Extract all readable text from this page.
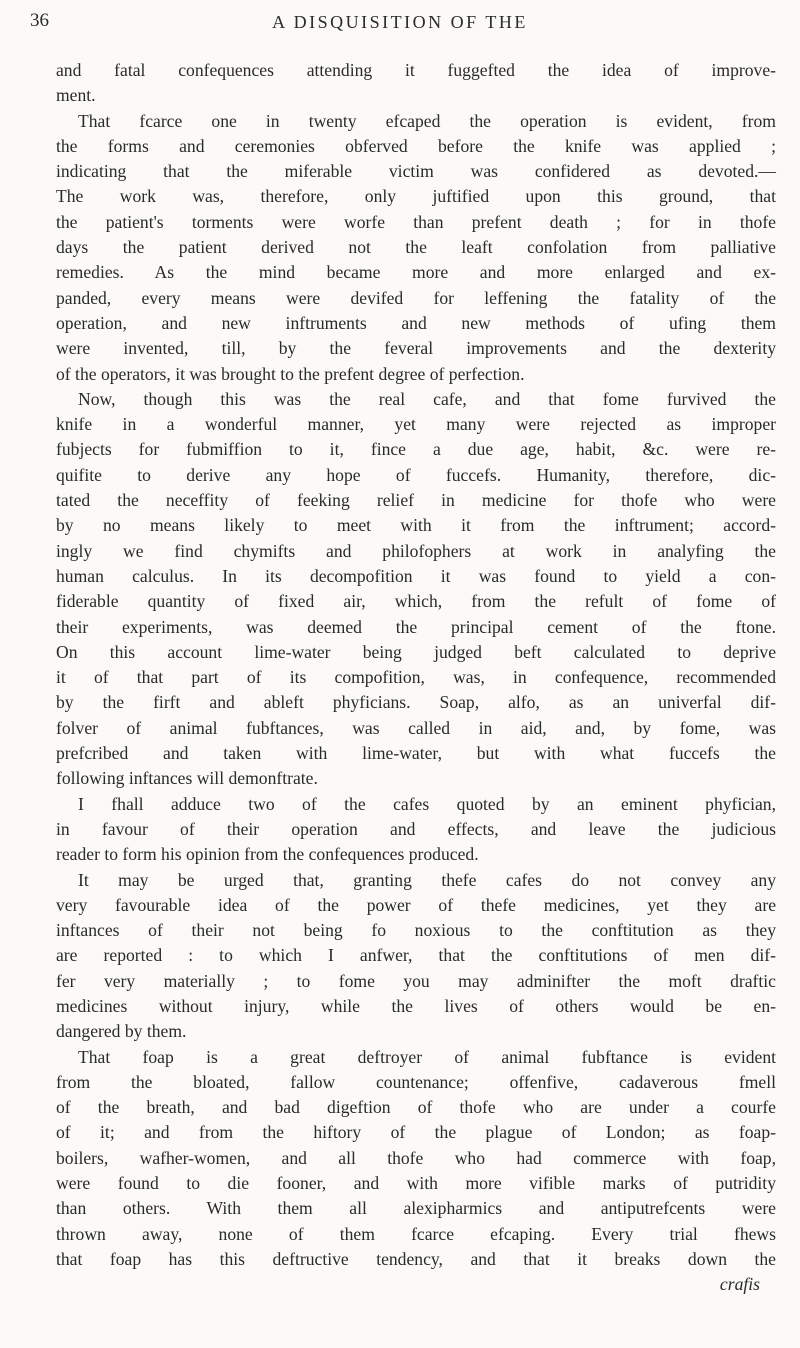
36	A DISQUISITION OF THE
and fatal confequences attending it fuggefted the idea of improve-
ment.
That fcarce one in twenty efcaped the operation is evident, from
the forms and ceremonies obferved before the knife was applied ;
indicating that the miferable victim was confidered as devoted.—
The work was, therefore, only juftified upon this ground, that
the patient's torments were worfe than prefent death ; for in thofe
days the patient derived not the leaft confolation from palliative
remedies. As the mind became more and more enlarged and ex-
panded, every means were devifed for leffening the fatality of the
operation, and new inftruments and new methods of ufing them
were invented, till, by the feveral improvements and the dexterity
of the operators, it was brought to the prefent degree of perfection.
Now, though this was the real cafe, and that fome furvived the
knife in a wonderful manner, yet many were rejected as improper
fubjects for fubmiffion to it, fince a due age, habit, &c. were re-
quifite to derive any hope of fuccefs. Humanity, therefore, dic-
tated the neceffity of feeking relief in medicine for thofe who were
by no means likely to meet with it from the inftrument; accord-
ingly we find chymifts and philofophers at work in analyfing the
human calculus. In its decompofition it was found to yield a con-
fiderable quantity of fixed air, which, from the refult of fome of
their experiments, was deemed the principal cement of the ftone.
On this account lime-water being judged beft calculated to deprive
it of that part of its compofition, was, in confequence, recommended
by the firft and ableft phyficians. Soap, alfo, as an univerfal dif-
folver of animal fubftances, was called in aid, and, by fome, was
prefcribed and taken with lime-water, but with what fuccefs the
following inftances will demonftrate.
I fhall adduce two of the cafes quoted by an eminent phyfician,
in favour of their operation and effects, and leave the judicious
reader to form his opinion from the confequences produced.
It may be urged that, granting thefe cafes do not convey any
very favourable idea of the power of thefe medicines, yet they are
inftances of their not being fo noxious to the conftitution as they
are reported : to which I anfwer, that the conftitutions of men dif-
fer very materially ; to fome you may adminifter the moft draftic
medicines without injury, while the lives of others would be en-
dangered by them.
That foap is a great deftroyer of animal fubftance is evident
from the bloated, fallow countenance; offenfive, cadaverous fmell
of the breath, and bad digeftion of thofe who are under a courfe
of it; and from the hiftory of the plague of London; as foap-
boilers, wafher-women, and all thofe who had commerce with foap,
were found to die fooner, and with more vifible marks of putridity
than others. With them all alexipharmics and antiputrefcents were
thrown away, none of them fcarce efcaping. Every trial fhews
that foap has this deftructive tendency, and that it breaks down the
crafis
